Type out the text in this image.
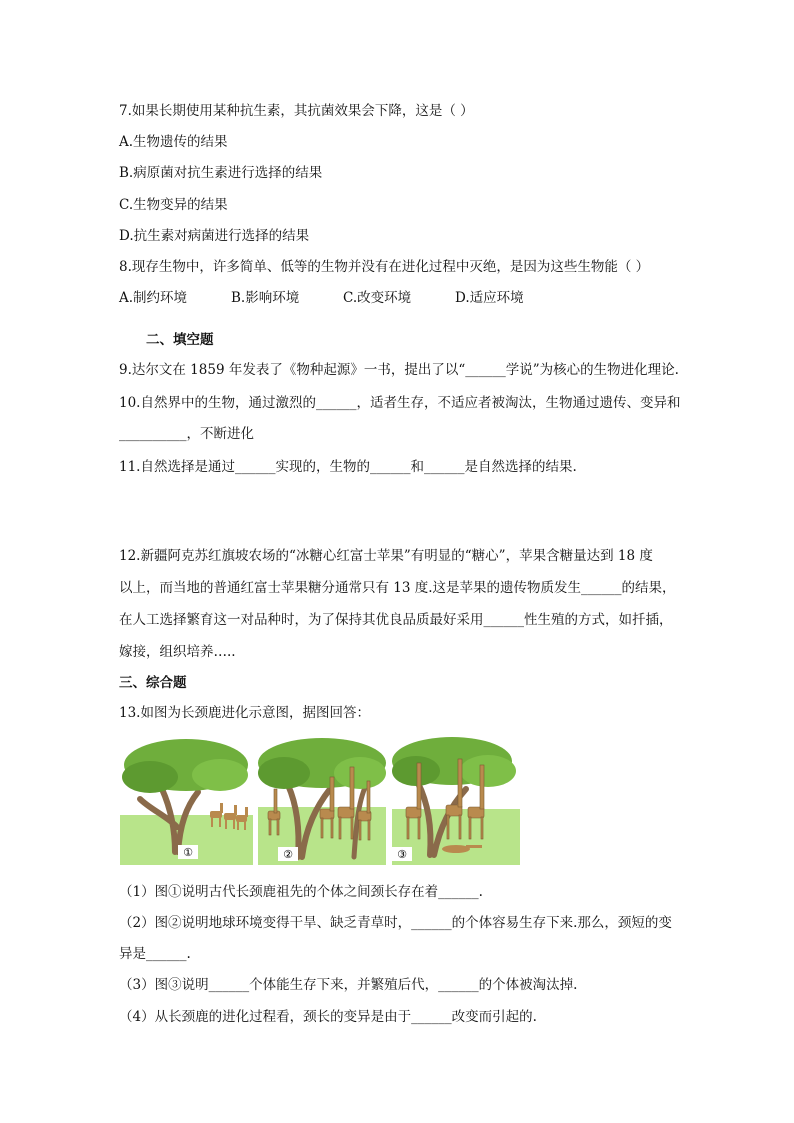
7.如果长期使用某种抗生素，其抗菌效果会下降，这是（ ）
A.生物遗传的结果
B.病原菌对抗生素进行选择的结果
C.生物变异的结果
D.抗生素对病菌进行选择的结果
8.现存生物中，许多简单、低等的生物并没有在进化过程中灭绝，是因为这些生物能（ ）
A.制约环境	B.影响环境	C.改变环境	D.适应环境
二、填空题
9.达尔文在 1859 年发表了《物种起源》一书，提出了以“______学说”为核心的生物进化理论.
10.自然界中的生物，通过激烈的______，适者生存，不适应者被淘汰，生物通过遗传、变异和
__________，不断进化
11.自然选择是通过______实现的，生物的______和______是自然选择的结果.
12.新疆阿克苏红旗坡农场的“冰糖心红富士苹果”有明显的“糖心”，苹果含糖量达到 18 度
以上，而当地的普通红富士苹果糖分通常只有 13 度.这是苹果的遗传物质发生______的结果，
在人工选择繁育这一对品种时，为了保持其优良品质最好采用______性生殖的方式，如扦插，
嫁接，组织培养…..
三、综合题
13.如图为长颈鹿进化示意图，据图回答：
①	②	③
（1）图①说明古代长颈鹿祖先的个体之间颈长存在着______.
（2）图②说明地球环境变得干旱、缺乏青草时，______的个体容易生存下来.那么，颈短的变
异是______.
（3）图③说明______个体能生存下来，并繁殖后代，______的个体被淘汰掉.
（4）从长颈鹿的进化过程看，颈长的变异是由于______改变而引起的.
